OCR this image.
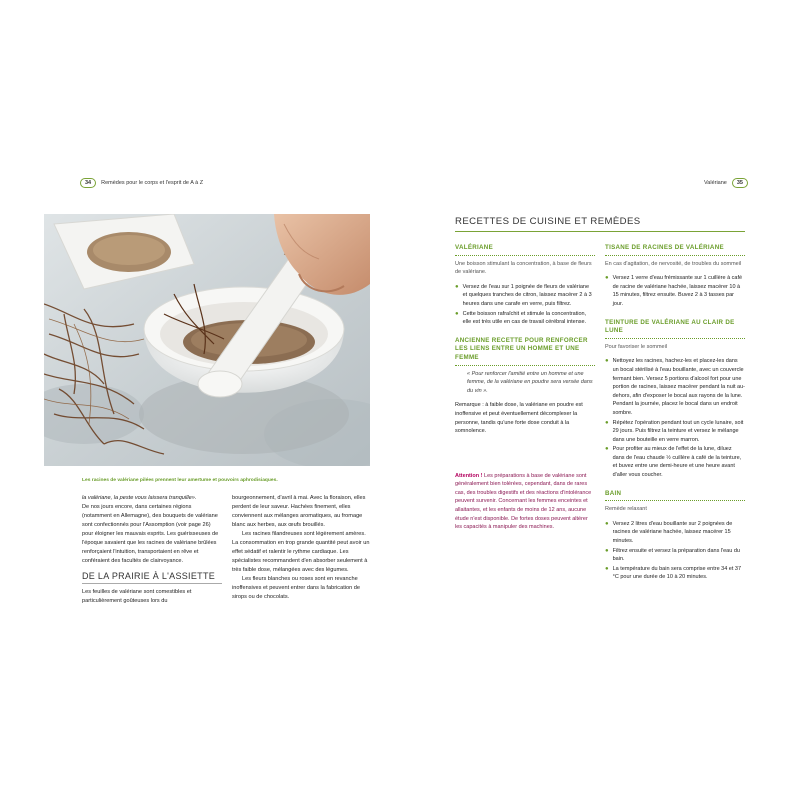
34	Remèdes pour le corps et l'esprit de A à Z	Valériane	35
Les racines de valériane pilées prennent leur amertume et pouvoirs aphrodisiaques.

la valériane, la peste vous laissera tranquille».

De nos jours encore, dans certaines régions (notamment en Allemagne), des bouquets de valériane sont confectionnés pour l'Assomption (voir page 26) pour éloigner les mauvais esprits. Les guérisseuses de l'époque savaient que les racines de valériane brûlées renforçaient l'intuition, transportaient en rêve et conféraient des facultés de clairvoyance.

DE LA PRAIRIE À L'ASSIETTE

Les feuilles de valériane sont comestibles et particulièrement goûteuses lors du

bourgeonnement, d'avril à mai. Avec la floraison, elles perdent de leur saveur. Hachées finement, elles conviennent aux mélanges aromatiques, au fromage blanc aux herbes, aux œufs brouillés.

Les racines filandreuses sont légèrement amères. La consommation en trop grande quantité peut avoir un effet sédatif et ralentir le rythme cardiaque. Les spécialistes recommandent d'en absorber seulement à très faible dose, mélangées avec des légumes.

Les fleurs blanches ou roses sont en revanche inoffensives et peuvent entrer dans la fabrication de sirops ou de chocolats.

RECETTES DE CUISINE ET REMÈDES
VALÉRIANE
Une boisson stimulant la concentration, à base de fleurs de valériane.
● Versez de l'eau sur 1 poignée de fleurs de valériane et quelques tranches de citron, laissez macérer 2 à 3 heures dans une carafe en verre, puis filtrez.
● Cette boisson rafraîchit et stimule la concentration, elle est très utile en cas de travail cérébral intense.
ANCIENNE RECETTE POUR RENFORCER LES LIENS ENTRE UN HOMME ET UNE FEMME
« Pour renforcer l'amitié entre un homme et une femme, de la valériane en poudre sera versée dans du vin ».
Remarque : à faible dose, la valériane en poudre est inoffensive et peut éventuellement décomplexer la personne, tandis qu'une forte dose conduit à la somnolence.
Attention ! Les préparations à base de valériane sont généralement bien tolérées, cependant, dans de rares cas, des troubles digestifs et des réactions d'intolérance peuvent survenir. Concernant les femmes enceintes et allaitantes, et les enfants de moins de 12 ans, aucune étude n'est disponible. De fortes doses peuvent altérer les capacités à manipuler des machines.
TISANE DE RACINES DE VALÉRIANE
En cas d'agitation, de nervosité, de troubles du sommeil
● Versez 1 verre d'eau frémissante sur 1 cuillère à café de racine de valériane hachée, laissez macérer 10 à 15 minutes, filtrez ensuite. Buvez 2 à 3 tasses par jour.
TEINTURE DE VALÉRIANE AU CLAIR DE LUNE
Pour favoriser le sommeil
● Nettoyez les racines, hachez-les et placez-les dans un bocal stérilisé à l'eau bouillante, avec un couvercle fermant bien. Versez 5 portions d'alcool fort pour une portion de racines, laissez macérer pendant la nuit au-dehors, afin d'exposer le bocal aux rayons de la lune. Pendant la journée, placez le bocal dans un endroit sombre.
● Répétez l'opération pendant tout un cycle lunaire, soit 29 jours. Puis filtrez la teinture et versez le mélange dans une bouteille en verre marron.
● Pour profiter au mieux de l'effet de la lune, diluez dans de l'eau chaude ½ cuillère à café de la teinture, et buvez entre une demi-heure et une heure avant d'aller vous coucher.
BAIN
Remède relaxant
● Versez 2 litres d'eau bouillante sur 2 poignées de racines de valériane hachée, laissez macérer 15 minutes.
● Filtrez ensuite et versez la préparation dans l'eau du bain.
● La température du bain sera comprise entre 34 et 37 °C pour une durée de 10 à 20 minutes.
